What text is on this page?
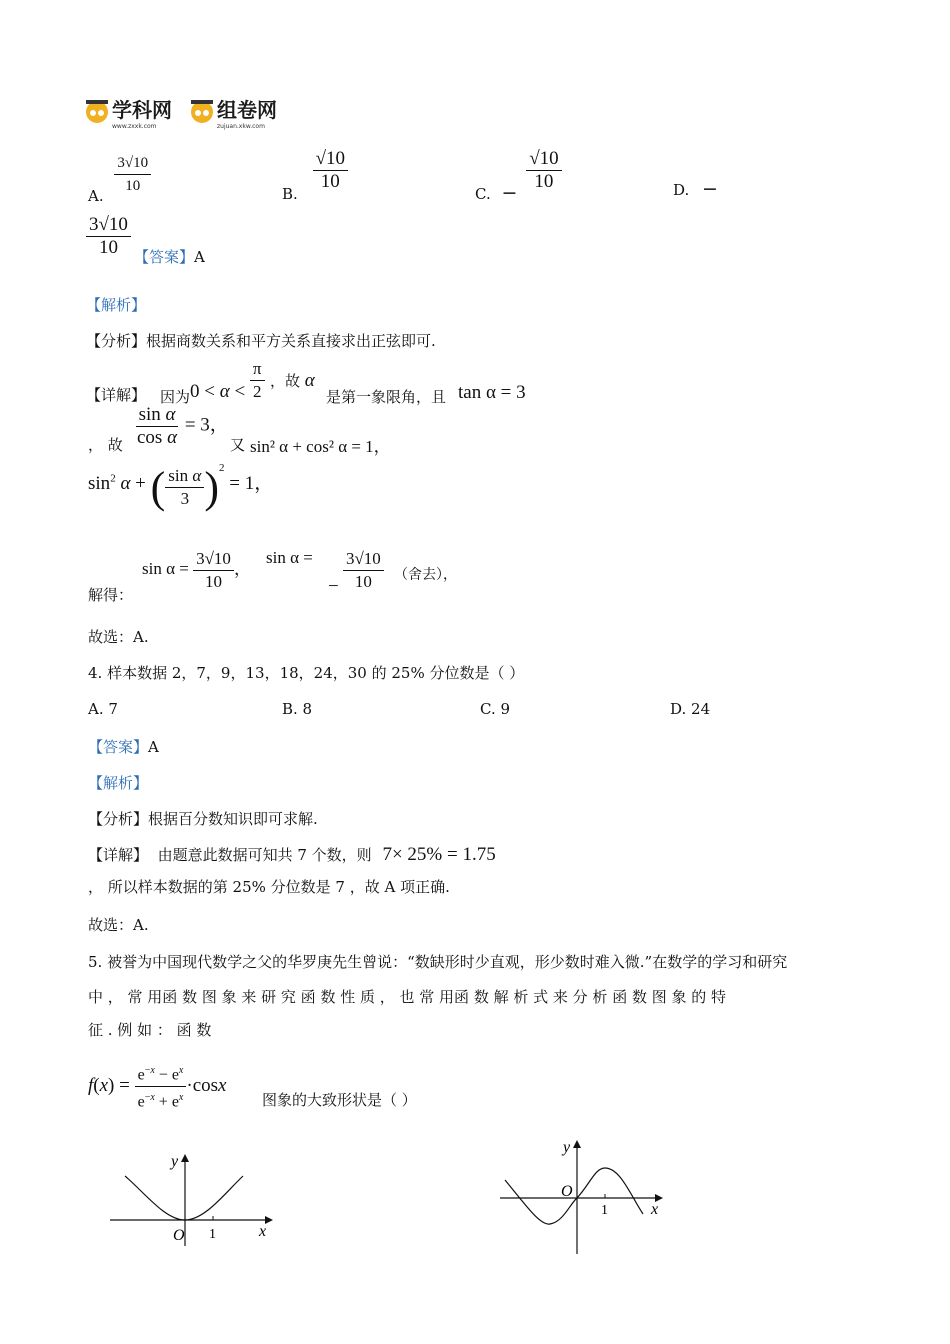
学科网
www.zxxk.com
组卷网
zujuan.xkw.com
A. $\frac{3√10}{10}$	B.
$\frac{√10}{10}$
C. − $\frac{√10}{10}$	D. −
$\frac{3√10}{10}$ 【答案】A
【解析】
【分析】根据商数关系和平方关系直接求出正弦即可.
【详解】 因为 $0 < \alpha < \frac{\pi}{2}$ ，故 α
是第一象限角，且 tan α = 3
， 故 $\frac{\text{sin α}}{\text{cos α}} = 3$，
又 sin² α + cos² α = 1，
$\sin^2 \alpha$ + ( $\frac{\text{sin α}}{3} )^2 = 1$，
解得：
$\sin \alpha = \frac{3√10}{10}$ ，
sin α =
− $\frac{3√10}{10}$ （舍去），
故选：A.
4. 样本数据 2，7，9，13，18，24，30 的 25% 分位数是（ ）
A. 7	B. 8	C. 9	D. 24
【答案】A
【解析】
【分析】根据百分数知识即可求解.
【详解】 由题意此数据可知共 7 个数，则 7× 25% = 1.75
， 所以样本数据的第 25% 分位数是 7 ，故 A 项正确.
故选：A.
5. 被誉为中国现代数学之父的华罗庚先生曾说：“数缺形时少直观，形少数时难入微.”在数学的学习和研究
中 ， 常 用函 数 图 象 来 研 究 函 数 性 质 ， 也 常 用函 数 解 析 式 来 分 析 函 数 图 象 的 特
征 . 例 如 ： 函 数
$f(x) = \frac{e^{-x} - e^x}{e^{-x} + e^x} \cdot\cos x$
图象的大致形状是（ ）
O 1	x
y
O
1	x
y
